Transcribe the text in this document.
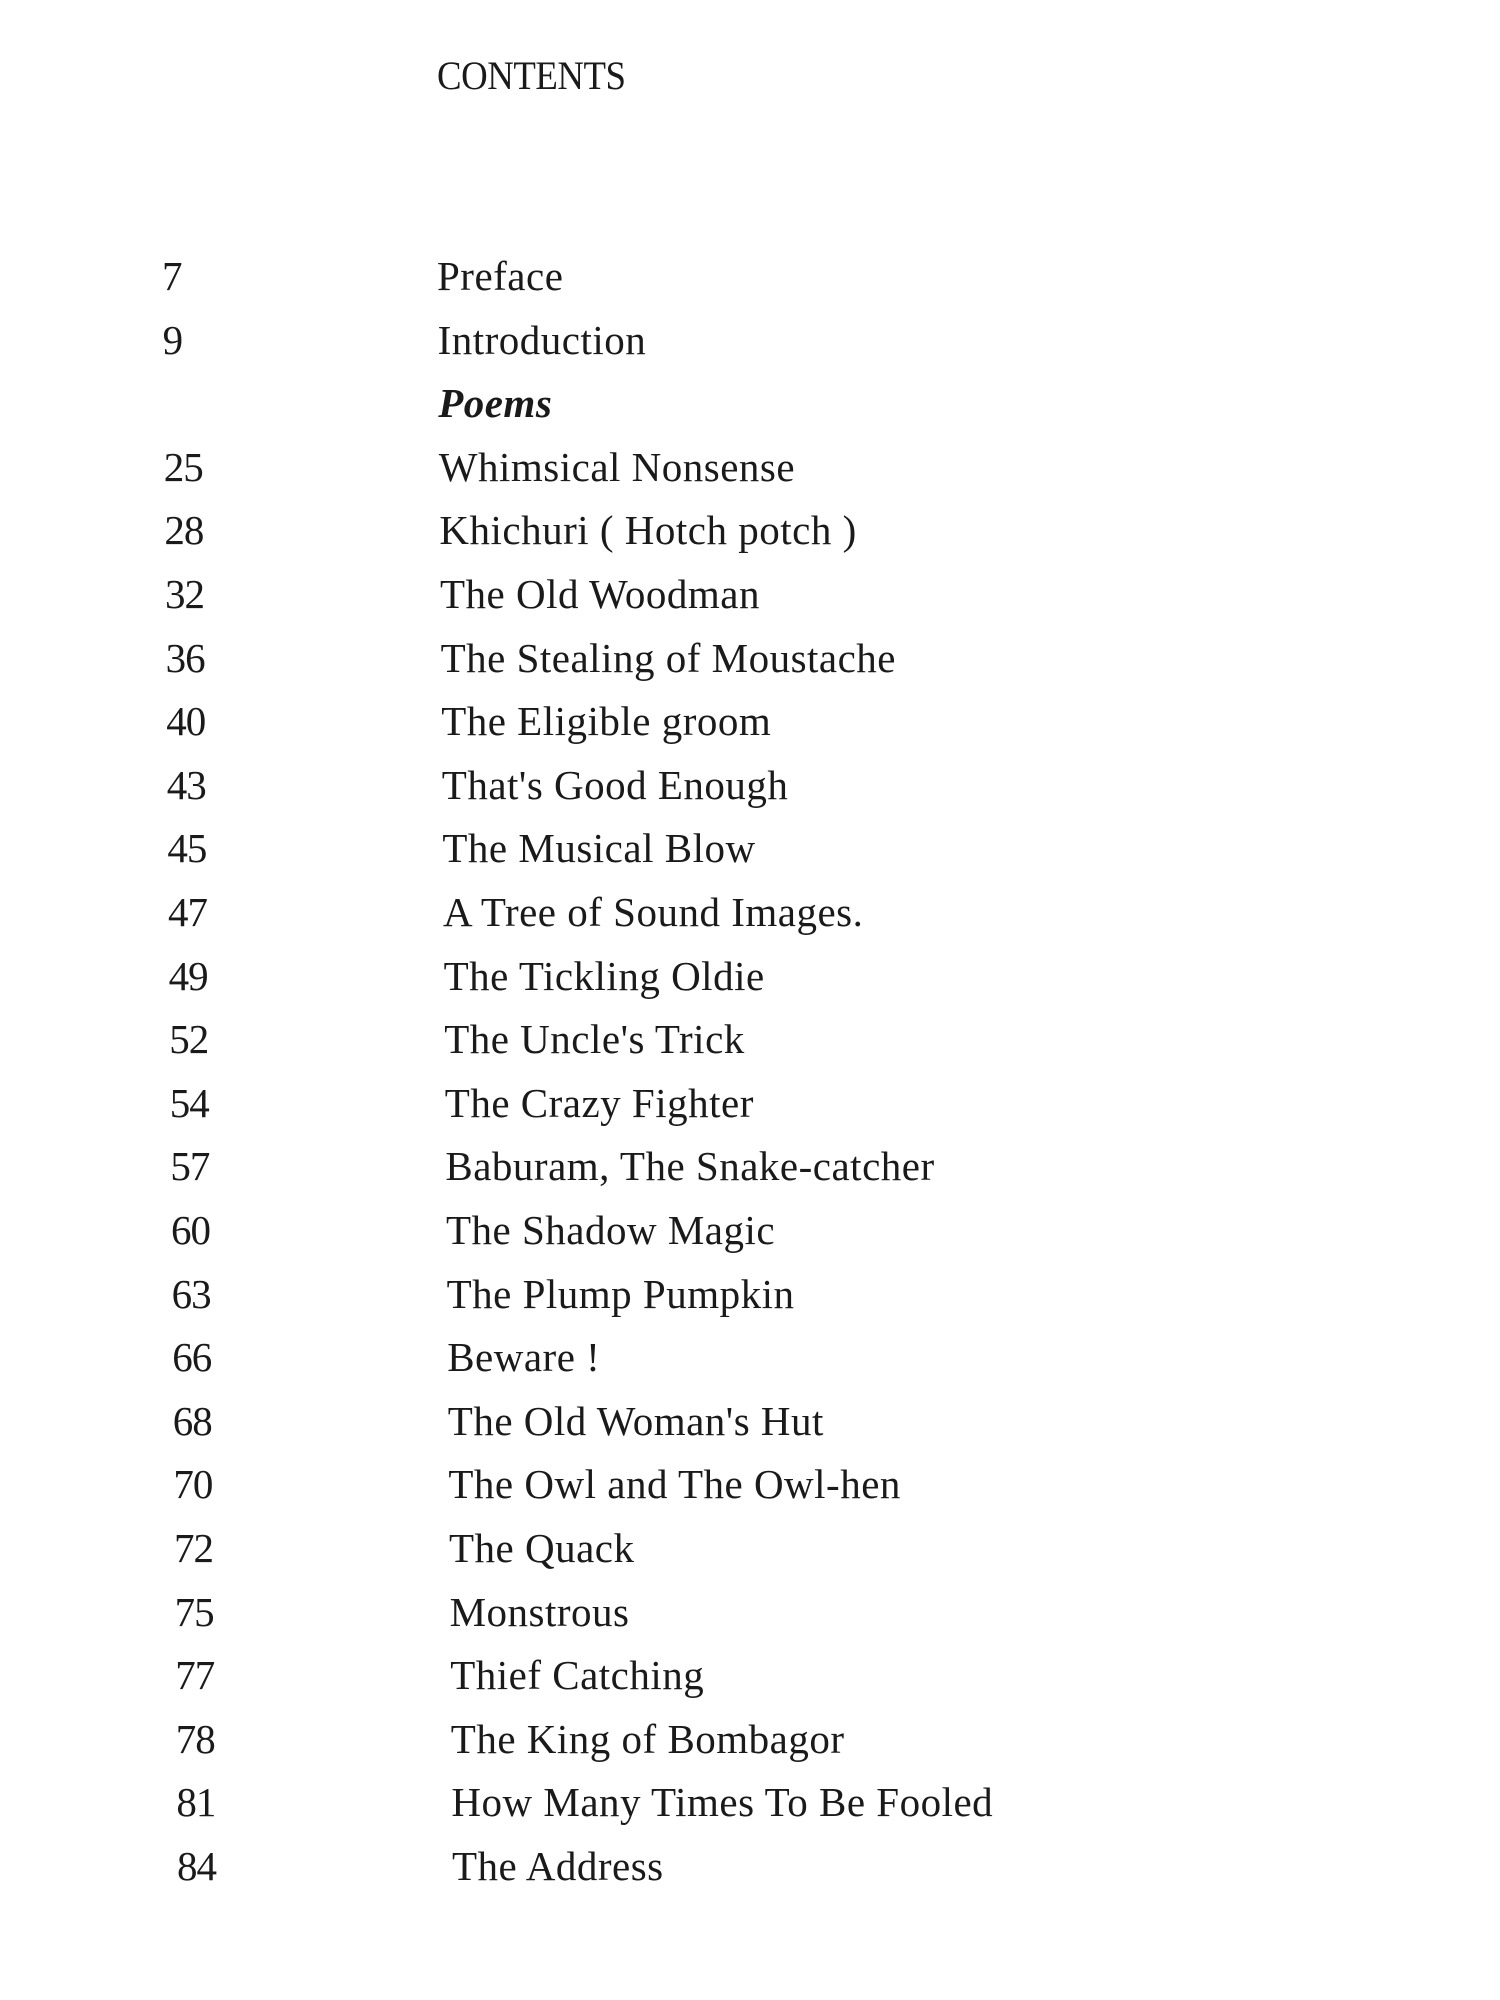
CONTENTS
7	Preface
9	Introduction
Poems
25	Whimsical Nonsense
28	Khichuri ( Hotch potch )
32	The Old Woodman
36	The Stealing of Moustache
40	The Eligible groom
43	That's Good Enough
45	The Musical Blow
47	A Tree of Sound Images.
49	The Tickling Oldie
52	The Uncle's Trick
54	The Crazy Fighter
57	Baburam, The Snake-catcher
60	The Shadow Magic
63	The Plump Pumpkin
66	Beware !
68	The Old Woman's Hut
70	The Owl and The Owl-hen
72	The Quack
75	Monstrous
77	Thief Catching
78	The King of Bombagor
81	How Many Times To Be Fooled
84	The Address
